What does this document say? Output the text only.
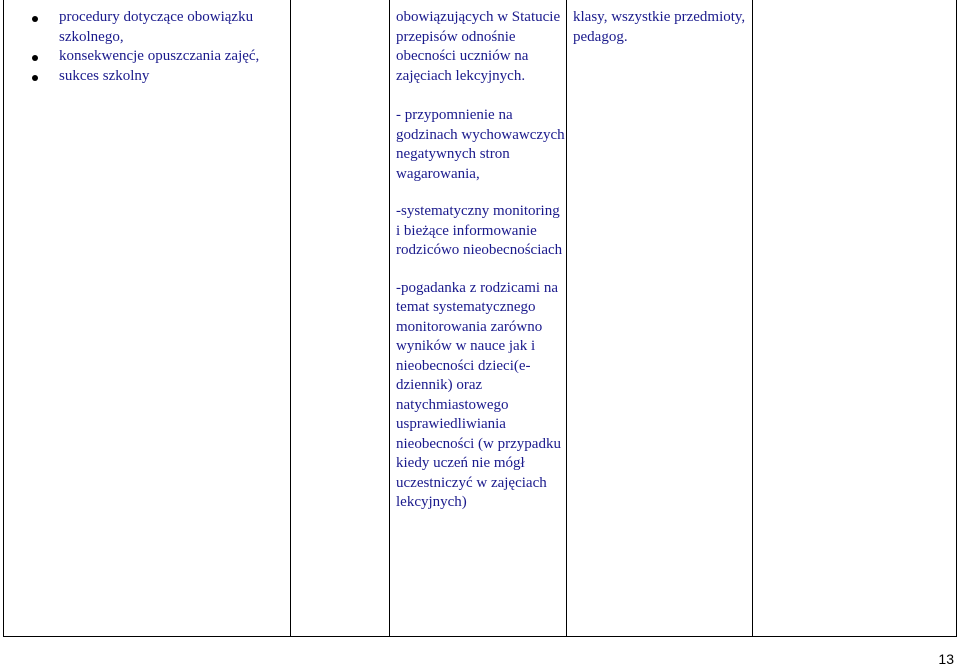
procedury dotyczące obowiązku szkolnego,
konsekwencje opuszczania zajęć,
sukces szkolny

obowiązujących w Statucie przepisów odnośnie obecności uczniów na zajęciach lekcyjnych.

- przypomnienie na godzinach wychowawczych negatywnych stron wagarowania,

-systematyczny monitoring i bieżące informowanie rodzicówo nieobecnościach

-pogadanka z rodzicami na temat systematycznego monitorowania zarówno wyników w nauce jak i nieobecności dzieci(e-dziennik) oraz natychmiastowego usprawiedliwiania nieobecności (w przypadku kiedy uczeń nie mógł uczestniczyć w zajęciach lekcyjnych)

klasy, wszystkie przedmioty, pedagog.

13
